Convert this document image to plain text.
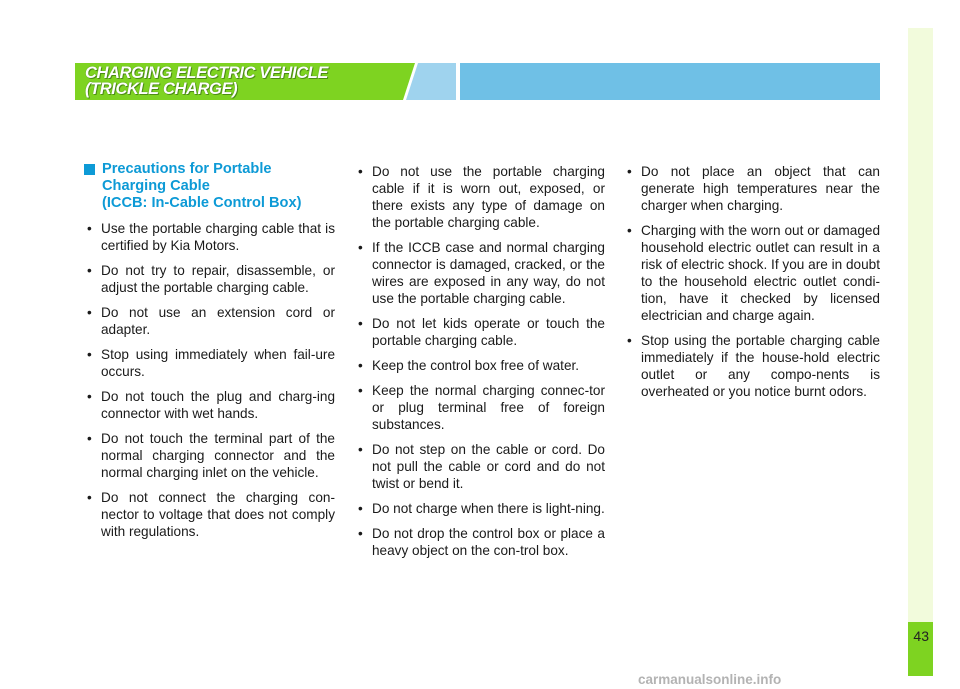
43
CHARGING ELECTRIC VEHICLE
(TRICKLE CHARGE)
Precautions for Portable
Charging Cable
(ICCB: In-Cable Control Box)
• Use the portable charging cable that is certified by Kia Motors.
• Do not try to repair, disassemble, or adjust the portable charging cable.
• Do not use an extension cord or adapter.
• Stop using immediately when fail-ure occurs.
• Do not touch the plug and charg-ing connector with wet hands.
• Do not touch the terminal part of the normal charging connector and the normal charging inlet on the vehicle.
• Do not connect the charging con-nector to voltage that does not comply with regulations.
• Do not use the portable charging cable if it is worn out, exposed, or there exists any type of damage on the portable charging cable.
• If the ICCB case and normal charging connector is damaged, cracked, or the wires are exposed in any way, do not use the portable charging cable.
• Do not let kids operate or touch the portable charging cable.
• Keep the control box free of water.
• Keep the normal charging connec-tor or plug terminal free of foreign substances.
• Do not step on the cable or cord. Do not pull the cable or cord and do not twist or bend it.
• Do not charge when there is light-ning.
• Do not drop the control box or place a heavy object on the con-trol box.
• Do not place an object that can generate high temperatures near the charger when charging.
• Charging with the worn out or damaged household electric outlet can result in a risk of electric shock. If you are in doubt to the household electric outlet condi-tion, have it checked by licensed electrician and charge again.
• Stop using the portable charging cable immediately if the house-hold electric outlet or any compo-nents is overheated or you notice burnt odors.
carmanualsonline.info
